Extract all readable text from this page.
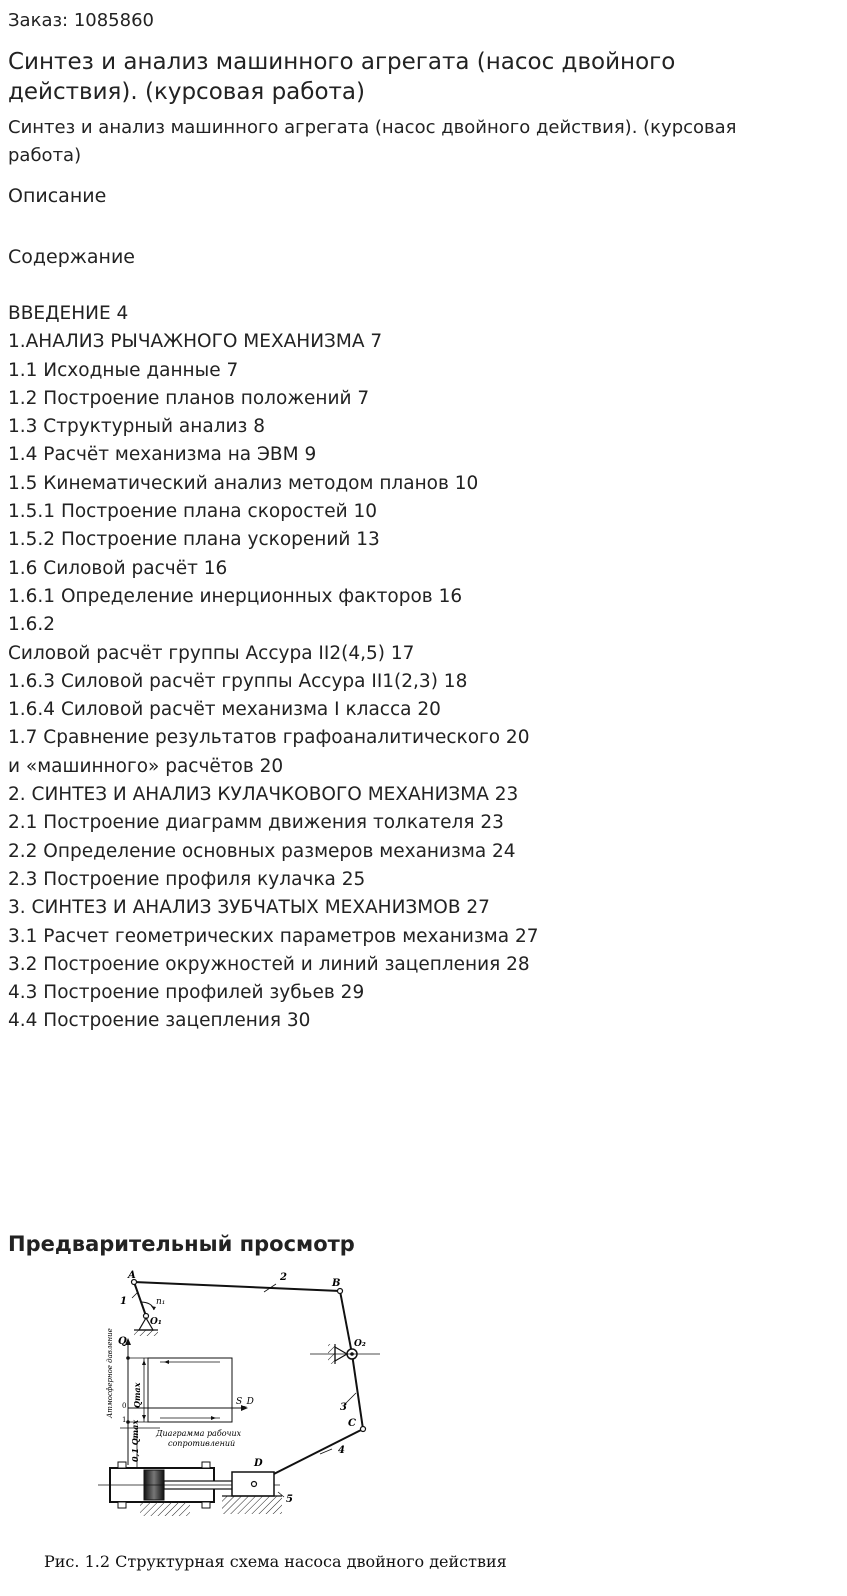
Заказ: 1085860
Синтез и анализ машинного агрегата (насос двойного действия). (курсовая работа)
Синтез и анализ машинного агрегата (насос двойного действия). (курсовая работа)
Описание
Содержание
ВВЕДЕНИЕ 4
1.АНАЛИЗ РЫЧАЖНОГО МЕХАНИЗМА 7
1.1 Исходные данные 7
1.2 Построение планов положений 7
1.3 Структурный анализ 8
1.4 Расчёт механизма на ЭВМ 9
1.5 Кинематический анализ методом планов 10
1.5.1 Построение плана скоростей 10
1.5.2 Построение плана ускорений 13
1.6 Силовой расчёт 16
1.6.1 Определение инерционных факторов 16
1.6.2
Силовой расчёт группы Ассура II2(4,5) 17
1.6.3 Силовой расчёт группы Ассура II1(2,3) 18
1.6.4 Силовой расчёт механизма I класса 20
1.7 Сравнение результатов графоаналитического 20
и «машинного» расчётов 20
2. СИНТЕЗ И АНАЛИЗ КУЛАЧКОВОГО МЕХАНИЗМА 23
2.1 Построение диаграмм движения толкателя 23
2.2 Определение основных размеров механизма 24
2.3 Построение профиля кулачка 25
3. СИНТЕЗ И АНАЛИЗ ЗУБЧАТЫХ МЕХАНИЗМОВ 27
3.1 Расчет геометрических параметров механизма 27
3.2 Построение окружностей и линий зацепления 28
4.3 Построение профилей зубьев 29
4.4 Построение зацепления 30
Предварительный просмотр
A
B
C
D
O₁
O₂
1
2
3
4
5
n₁
Q
Qmax	S_D
0,1 Qmax
0
1
Атмосферное давление
Диаграмма рабочих
сопротивлений
Рис. 1.2 Структурная схема насоса двойного действия
